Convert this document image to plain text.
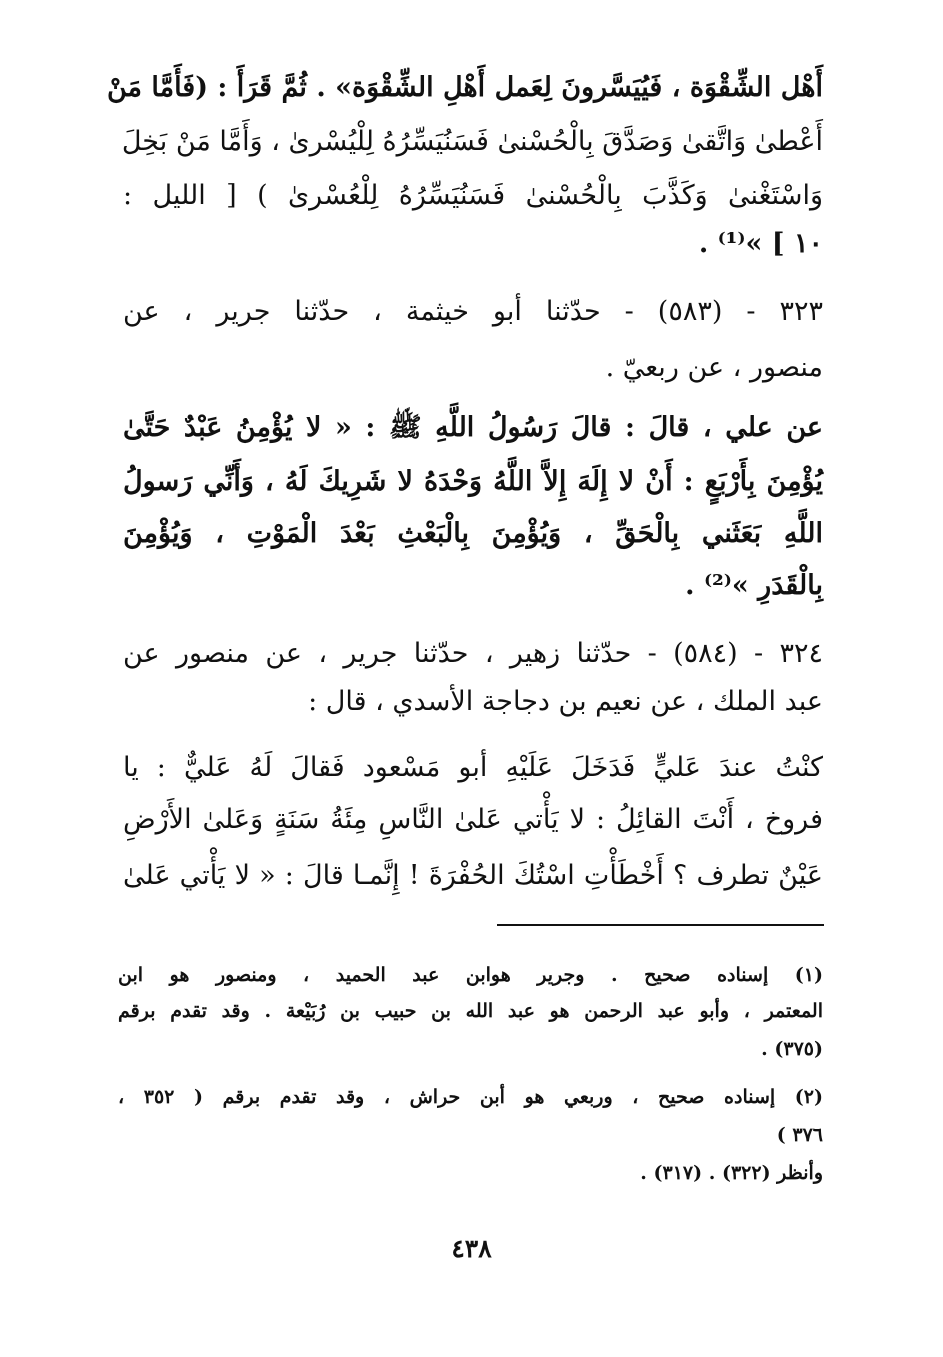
أَهْل الشِّقْوَة ، فَيُيَسَّرونَ لِعَمل أَهْلِ الشِّقْوَة» . ثُمَّ قَرَأَ : (فَأَمَّا مَنْ
أَعْطىٰ وَاتَّقىٰ وَصَدَّقَ بِالْحُسْنىٰ فَسَنُيَسِّرُهُ لِلْيُسْرىٰ ، وَأَمَّا مَنْ بَخِلَ
وَاسْتَغْنىٰ وَكَذَّبَ بِالْحُسْنىٰ فَسَنُيَسِّرُهُ لِلْعُسْرىٰ ) [ الليل :
١٠ ] »⁽¹⁾ .
٣٢٣ - (٥٨٣) - حدّثنا أبو خيثمة ، حدّثنا جرير ، عن
منصور ، عن ربعيّ .
عن علي ، قالَ : قالَ رَسُولُ اللَّهِ ﷺ : « لا يُؤْمِنُ عَبْدٌ حَتَّىٰ
يُؤْمِنَ بِأَرْبَعٍ : أَنْ لا إِلَهَ إِلاَّ اللَّهُ وَحْدَهُ لا شَرِيكَ لَهُ ، وَأَنِّي رَسولُ
اللَّهِ بَعَثَني بِالْحَقِّ ، وَيُؤْمِنَ بِالْبَعْثِ بَعْدَ الْمَوْتِ ، وَيُؤْمِنَ
بِالْقَدَرِ »⁽²⁾ .
٣٢٤ - (٥٨٤) - حدّثنا زهير ، حدّثنا جرير ، عن منصور عن
عبد الملك ، عن نعيم بن دجاجة الأسدي ، قال :
كنْتُ عندَ عَليٍّ فَدَخَلَ عَلَيْهِ أبو مَسْعود فَقالَ لَهُ عَليٌّ : يا
فروخ ، أَنْتَ القائِلُ : لا يَأْتي عَلىٰ النَّاسِ مِئَةُ سَنَةٍ وَعَلىٰ الأَرْضِ
عَيْنٌ تطرف ؟ أَخْطَأْتِ اسْتُكَ الحُفْرَةَ ! إِنَّمـا قالَ : « لا يَأْتي عَلىٰ
(١) إسناده صحيح . وجرير هوابن عبد الحميد ، ومنصور هو ابن
المعتمر ، وأبو عبد الرحمن هو عبد الله بن حبيب بن رُبَيْعة . وقد تقدم برقم
(٣٧٥) .
(٢) إسناده صحيح ، وربعي هو أبن حراش ، وقد تقدم برقم ( ٣٥٢ ،
٣٧٦ )
وأنظر (٣٢٢) . (٣١٧) .
٤٣٨
